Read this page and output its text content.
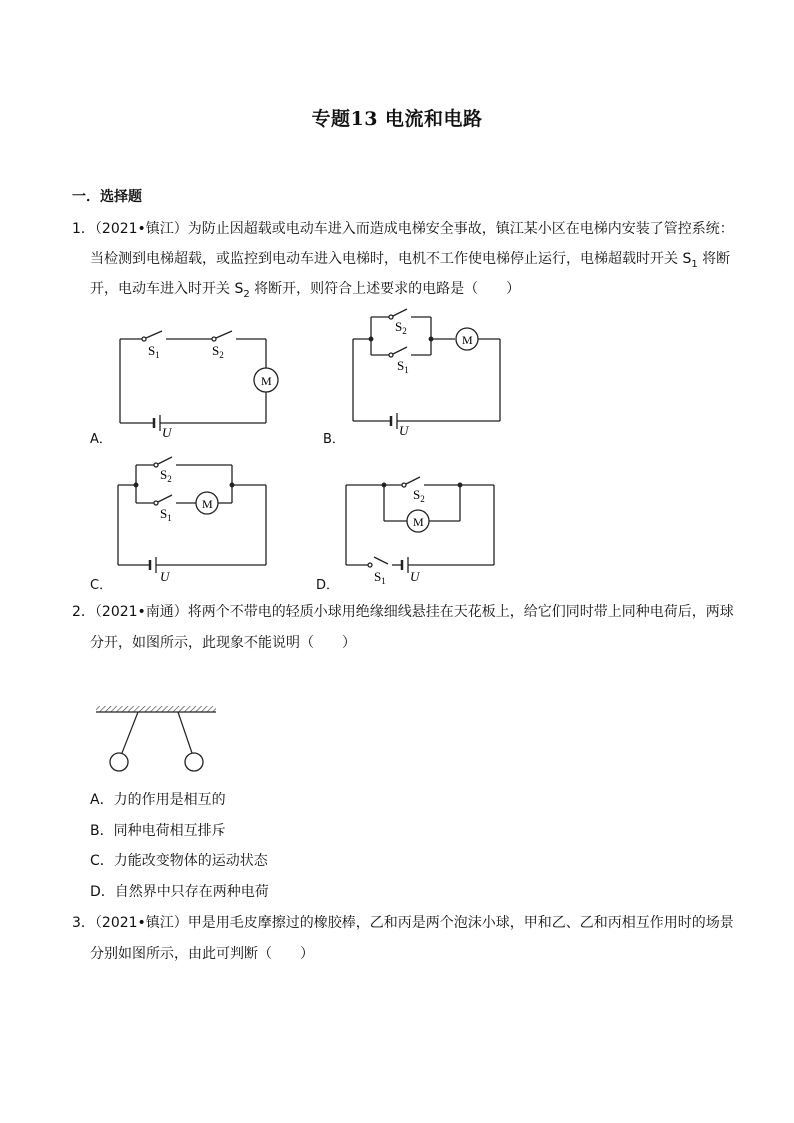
专题13 电流和电路
一．选择题
1．（2021•镇江）为防止因超载或电动车进入而造成电梯安全事故，镇江某小区在电梯内安装了管控系统：
当检测到电梯超载，或监控到电动车进入电梯时，电机不工作使电梯停止运行，电梯超载时开关 $S_1$ 将断
开，电动车进入时开关 $S_2$ 将断开，则符合上述要求的电路是（　　）
A．
$S_1$	$S_2$
M
U	B．
$S_2$
$S_1$
M
U
C．
$S_2$
$S_1$
M
U
D．
$S_2$
M
$S_1$ U
2．（2021•南通）将两个不带电的轻质小球用绝缘细线悬挂在天花板上，给它们同时带上同种电荷后，两球
分开，如图所示，此现象不能说明（　　）
A．力的作用是相互的
B．同种电荷相互排斥
C．力能改变物体的运动状态
D．自然界中只存在两种电荷
3．（2021•镇江）甲是用毛皮摩擦过的橡胶棒，乙和丙是两个泡沫小球，甲和乙、乙和丙相互作用时的场景
分别如图所示，由此可判断（　　）
